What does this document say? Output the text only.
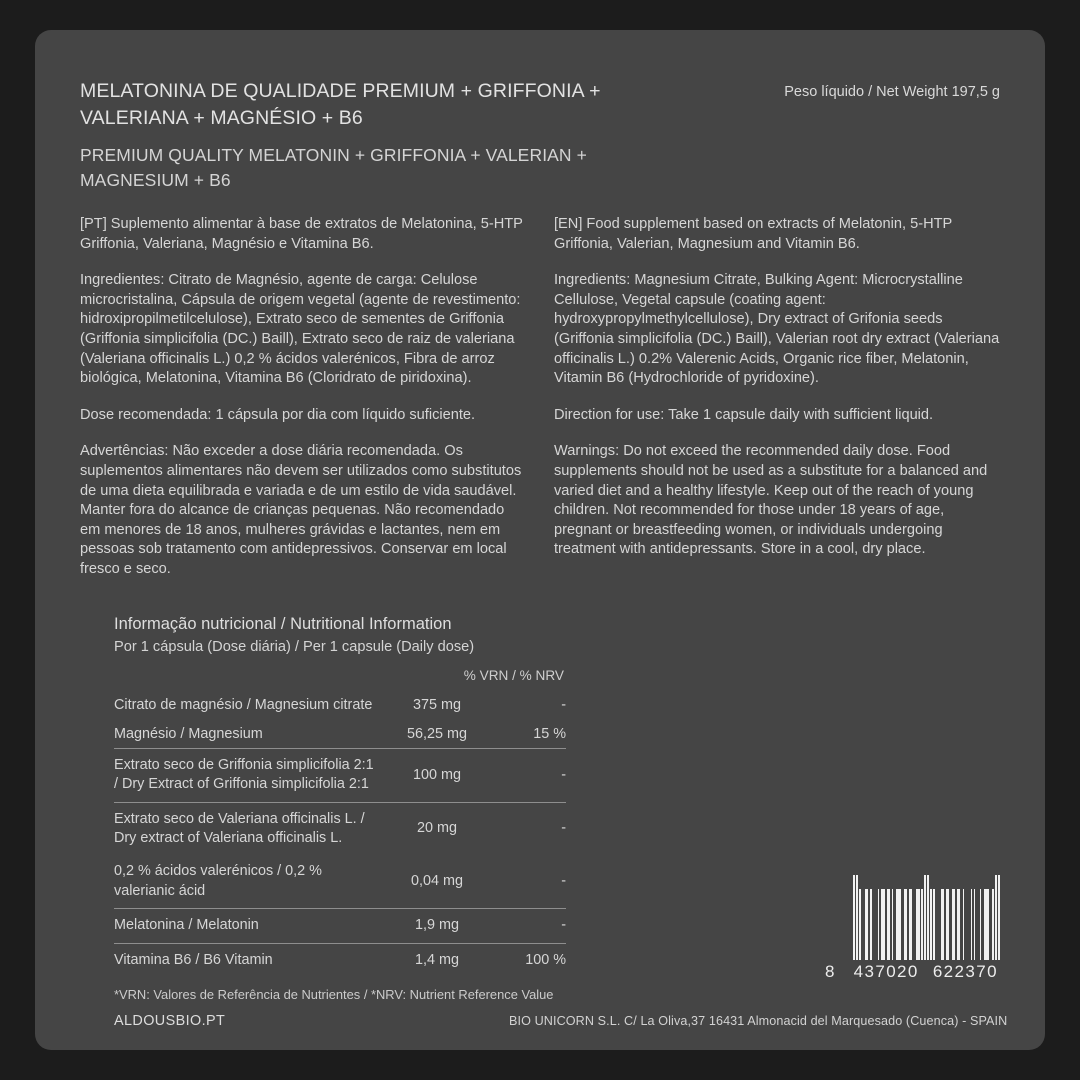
MELATONINA DE QUALIDADE PREMIUM + GRIFFONIA + VALERIANA + MAGNÉSIO + B6
PREMIUM QUALITY MELATONIN + GRIFFONIA + VALERIAN + MAGNESIUM + B6
Peso líquido / Net Weight 197,5 g

[PT] Suplemento alimentar à base de extratos de Melatonina, 5-HTP Griffonia, Valeriana, Magnésio e Vitamina B6.

Ingredientes: Citrato de Magnésio, agente de carga: Celulose microcristalina, Cápsula de origem vegetal (agente de revestimento: hidroxipropilmetilcelulose), Extrato seco de sementes de Griffonia (Griffonia simplicifolia (DC.) Baill), Extrato seco de raiz de valeriana (Valeriana officinalis L.) 0,2 % ácidos valerénicos, Fibra de arroz biológica, Melatonina, Vitamina B6 (Cloridrato de piridoxina).

Dose recomendada: 1 cápsula por dia com líquido suficiente.

Advertências: Não exceder a dose diária recomendada. Os suplementos alimentares não devem ser utilizados como substitutos de uma dieta equilibrada e variada e de um estilo de vida saudável. Manter fora do alcance de crianças pequenas. Não recomendado em menores de 18 anos, mulheres grávidas e lactantes, nem em pessoas sob tratamento com antidepressivos. Conservar em local fresco e seco.

[EN] Food supplement based on extracts of Melatonin, 5-HTP Griffonia, Valerian, Magnesium and Vitamin B6.

Ingredients: Magnesium Citrate, Bulking Agent: Microcrystalline Cellulose, Vegetal capsule (coating agent: hydroxypropylmethylcellulose), Dry extract of Grifonia seeds (Griffonia simplicifolia (DC.) Baill), Valerian root dry extract (Valeriana officinalis L.) 0.2% Valerenic Acids, Organic rice fiber, Melatonin, Vitamin B6 (Hydrochloride of pyridoxine).

Direction for use: Take 1 capsule daily with sufficient liquid.

Warnings: Do not exceed the recommended daily dose. Food supplements should not be used as a substitute for a balanced and varied diet and a healthy lifestyle. Keep out of the reach of young children. Not recommended for those under 18 years of age, pregnant or breastfeeding women, or individuals undergoing treatment with antidepressants. Store in a cool, dry place.

Informação nutricional / Nutritional Information
Por 1 cápsula (Dose diária) / Per 1 capsule (Daily dose)
% VRN / % NRV
Citrato de magnésio / Magnesium citrate	375 mg	-
Magnésio / Magnesium	56,25 mg	15 %
Extrato seco de Griffonia simplicifolia 2:1 / Dry Extract of Griffonia simplicifolia 2:1	100 mg	-
Extrato seco de Valeriana officinalis L. / Dry extract of Valeriana officinalis L.	20 mg	-
0,2 % ácidos valerénicos / 0,2 % valerianic ácid	0,04 mg	-
Melatonina / Melatonin	1,9 mg	-
Vitamina B6 / B6 Vitamin	1,4 mg	100 %
*VRN: Valores de Referência de Nutrientes / *NRV: Nutrient Reference Value
8	437020 622370
ALDOUSBIO.PT	BIO UNICORN S.L. C/ La Oliva,37 16431 Almonacid del Marquesado (Cuenca) - SPAIN
